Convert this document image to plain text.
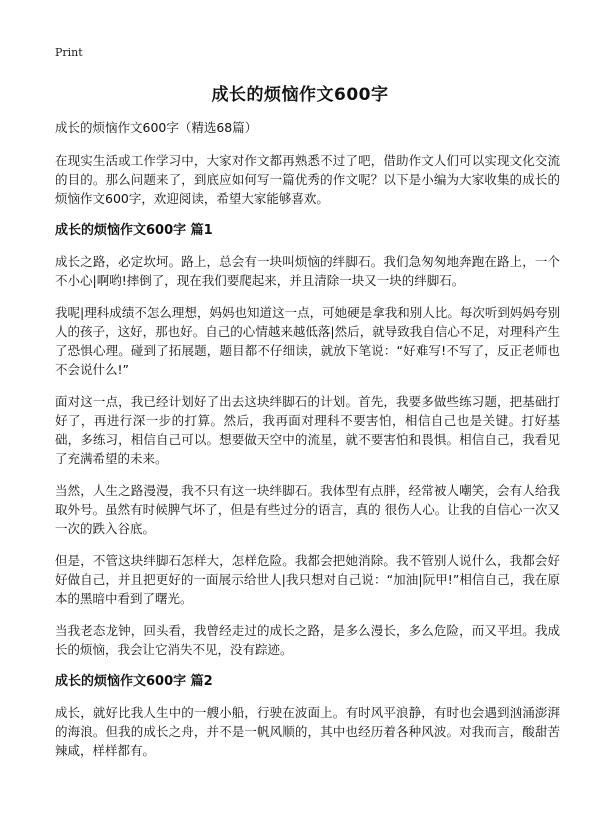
Print
成长的烦恼作文600字

成长的烦恼作文600字（精选68篇）

在现实生活或工作学习中，大家对作文都再熟悉不过了吧，借助作文人们可以实现文化交流的目的。那么问题来了，到底应如何写一篇优秀的作文呢？以下是小编为大家收集的成长的烦恼作文600字，欢迎阅读，希望大家能够喜欢。

成长的烦恼作文600字 篇1

成长之路，必定坎坷。路上，总会有一块叫烦恼的绊脚石。我们急匆匆地奔跑在路上，一个不小心|啊哟!摔倒了，现在我们要爬起来，并且清除一块又一块的绊脚石。

我呢|理科成绩不怎么理想，妈妈也知道这一点，可她硬是拿我和别人比。每次听到妈妈夸别人的孩子，这好，那也好。自己的心情越来越低落|然后，就导致我自信心不足，对理科产生了恐惧心理。碰到了拓展题，题目都不仔细读，就放下笔说：“好难写!不写了，反正老师也不会说什么!”

面对这一点，我已经计划好了出去这块绊脚石的计划。首先，我要多做些练习题，把基础打好了，再进行深一步的打算。然后，我再面对理科不要害怕，相信自己也是关键。打好基础，多练习，相信自己可以。想要做天空中的流星，就不要害怕和畏惧。相信自己，我看见了充满希望的未来。

当然，人生之路漫漫，我不只有这一块绊脚石。我体型有点胖，经常被人嘲笑，会有人给我取外号。虽然有时候脾气坏了，但是有些过分的语言，真的 很伤人心。让我的自信心一次又一次的跌入谷底。

但是，不管这块绊脚石怎样大，怎样危险。我都会把她消除。我不管别人说什么，我都会好好做自己，并且把更好的一面展示给世人|我只想对自己说：“加油|阮甲!”相信自己，我在原本的黑暗中看到了曙光。

当我老态龙钟，回头看，我曾经走过的成长之路，是多么漫长，多么危险，而又平坦。我成长的烦恼，我会让它消失不见，没有踪迹。

成长的烦恼作文600字 篇2

成长，就好比我人生中的一艘小船，行驶在波面上。有时风平浪静，有时也会遇到汹涌澎湃的海浪。但我的成长之舟，并不是一帆风顺的，其中也经历着各种风波。对我而言，酸甜苦辣咸，样样都有。
